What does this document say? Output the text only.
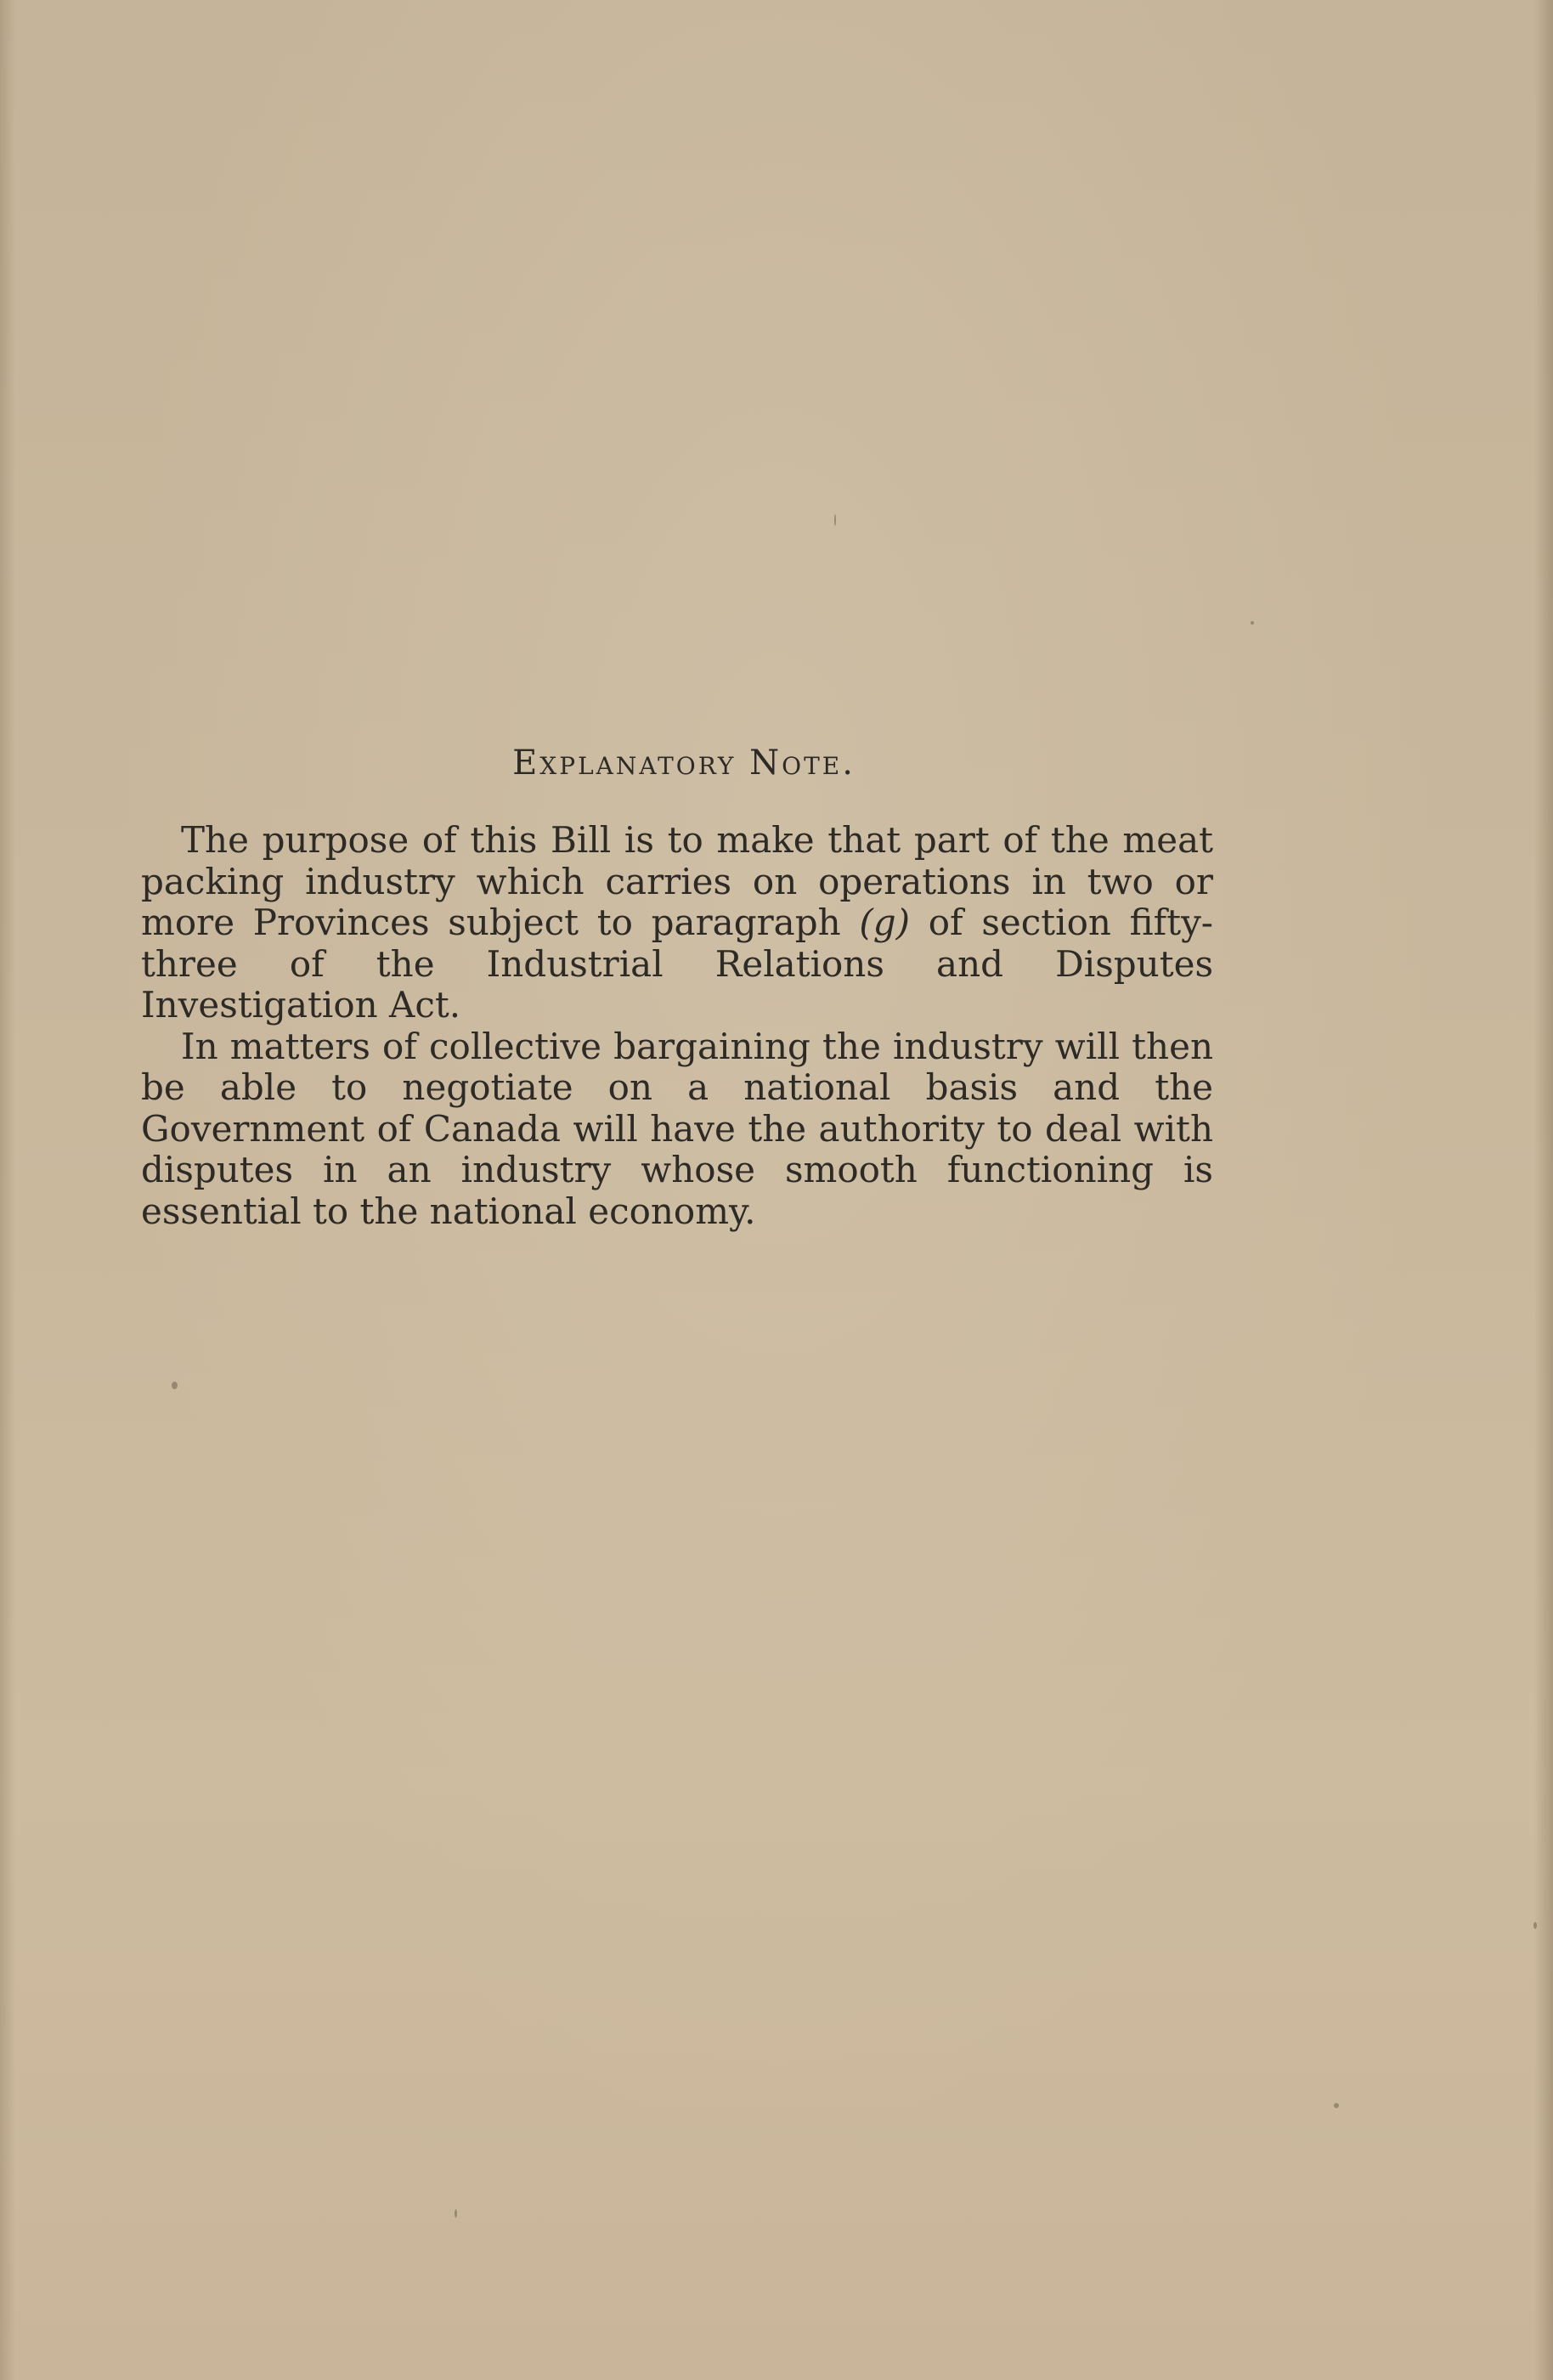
Explanatory Note.

The purpose of this Bill is to make that part of the meat packing industry which carries on operations in two or more Provinces subject to paragraph (g) of section fifty-three of the Industrial Relations and Disputes Investigation Act.

In matters of collective bargaining the industry will then be able to negotiate on a national basis and the Government of Canada will have the authority to deal with disputes in an industry whose smooth functioning is essential to the national economy.
